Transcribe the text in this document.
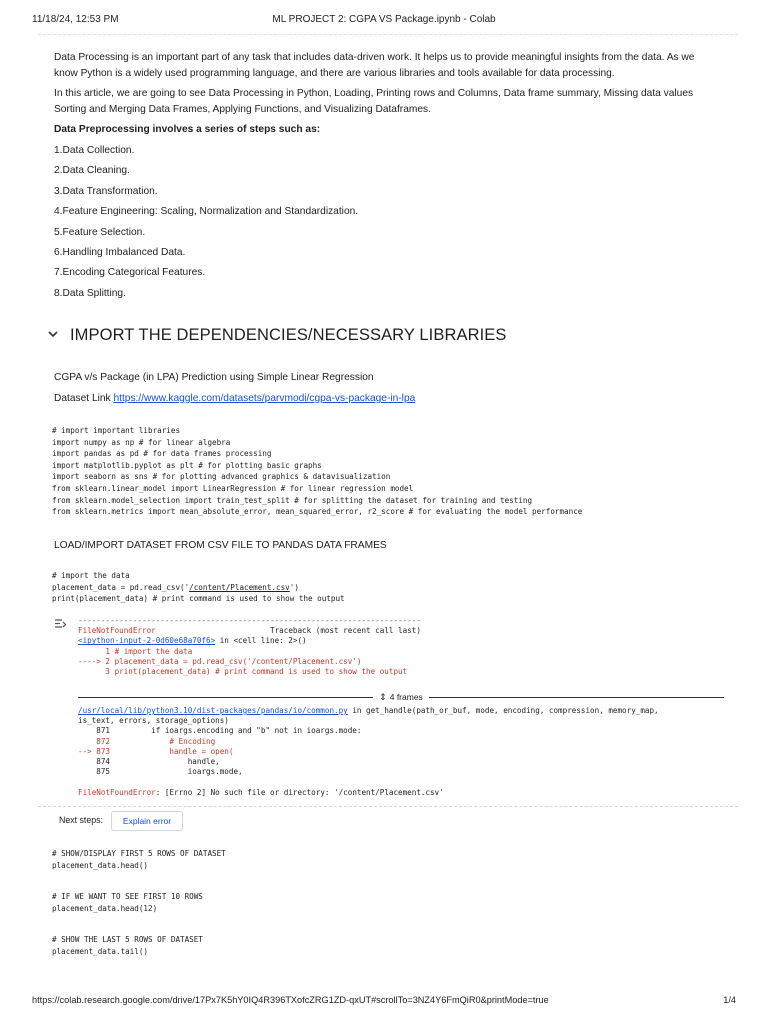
11/18/24, 12:53 PM	ML PROJECT 2: CGPA VS Package.ipynb - Colab

Data Processing is an important part of any task that includes data-driven work. It helps us to provide meaningful insights from the data. As we know Python is a widely used programming language, and there are various libraries and tools available for data processing.

In this article, we are going to see Data Processing in Python, Loading, Printing rows and Columns, Data frame summary, Missing data values Sorting and Merging Data Frames, Applying Functions, and Visualizing Dataframes.

Data Preprocessing involves a series of steps such as:

1.Data Collection.

2.Data Cleaning.

3.Data Transformation.

4.Feature Engineering: Scaling, Normalization and Standardization.

5.Feature Selection.

6.Handling Imbalanced Data.

7.Encoding Categorical Features.

8.Data Splitting.

IMPORT THE DEPENDENCIES/NECESSARY LIBRARIES
CGPA v/s Package (in LPA) Prediction using Simple Linear Regression
Dataset Link https://www.kaggle.com/datasets/parvmodi/cgpa-vs-package-in-lpa
# import important libraries
import numpy as np # for linear algebra
import pandas as pd # for data frames processing
import matplotlib.pyplot as plt # for plotting basic graphs
import seaborn as sns # for plotting advanced graphics & datavisualization
from sklearn.linear_model import LinearRegression # for linear regression model
from sklearn.model_selection import train_test_split # for splitting the dataset for training and testing
from sklearn.metrics import mean_absolute_error, mean_squared_error, r2_score # for evaluating the model performance
LOAD/IMPORT DATASET FROM CSV FILE TO PANDAS DATA FRAMES
# import the data
placement_data = pd.read_csv('/content/Placement.csv')
print(placement_data) # print command is used to show the output
---------------------------------------------------------------------------
FileNotFoundError	Traceback (most recent call last)
<ipython-input-2-0d60e68a70f6> in <cell line: 2>()
1 # import the data
----> 2 placement_data = pd.read_csv('/content/Placement.csv')
3 print(placement_data) # print command is used to show the output
⇕ 4 frames
/usr/local/lib/python3.10/dist-packages/pandas/io/common.py in get_handle(path_or_buf, mode, encoding, compression, memory_map,
is_text, errors, storage_options)
871         if ioargs.encoding and "b" not in ioargs.mode:
872             # Encoding
--> 873             handle = open(
874                 handle,
875                 ioargs.mode,

FileNotFoundError: [Errno 2] No such file or directory: '/content/Placement.csv'
Next steps:	Explain error
# SHOW/DISPLAY FIRST 5 ROWS OF DATASET
placement_data.head()
# IF WE WANT TO SEE FIRST 10 ROWS
placement_data.head(12)
# SHOW THE LAST 5 ROWS OF DATASET
placement_data.tail()
https://colab.research.google.com/drive/17Px7K5hY0IQ4R396TXofcZRG1ZD-qxUT#scrollTo=3NZ4Y6FmQiR0&printMode=true	1/4
